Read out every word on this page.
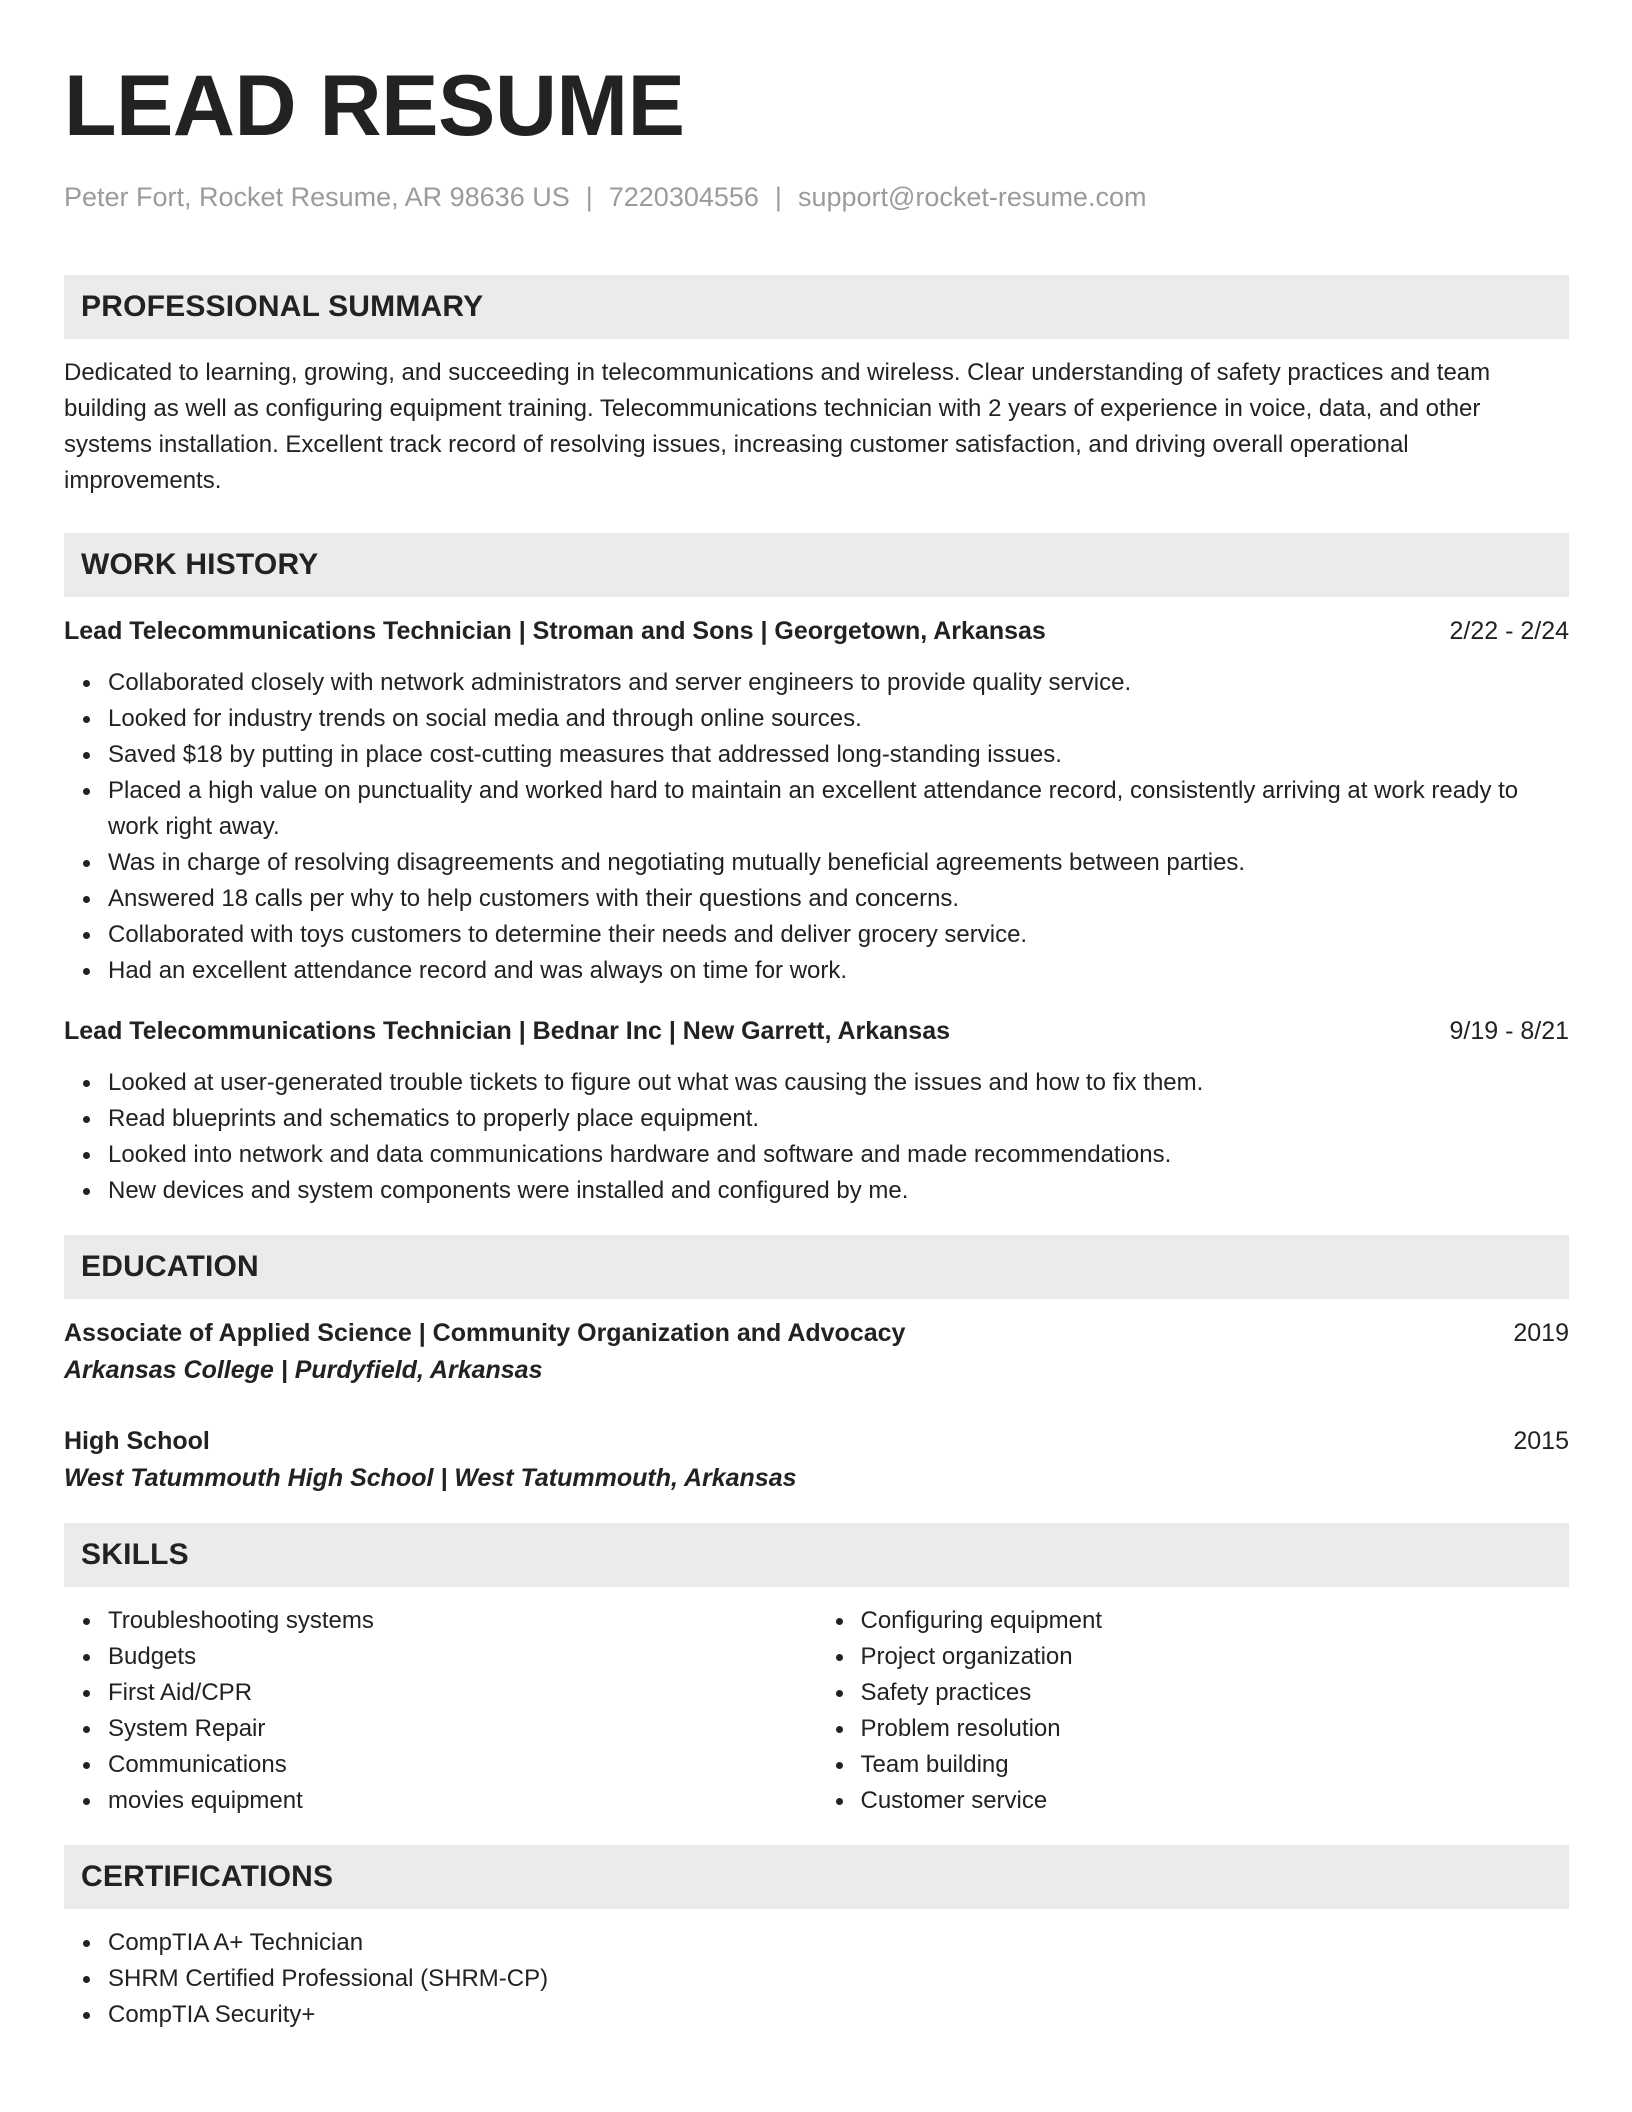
LEAD RESUME
Peter Fort, Rocket Resume, AR 98636 US | 7220304556 | support@rocket-resume.com
PROFESSIONAL SUMMARY
Dedicated to learning, growing, and succeeding in telecommunications and wireless. Clear understanding of safety practices and team building as well as configuring equipment training. Telecommunications technician with 2 years of experience in voice, data, and other systems installation. Excellent track record of resolving issues, increasing customer satisfaction, and driving overall operational improvements.
WORK HISTORY
Lead Telecommunications Technician | Stroman and Sons | Georgetown, Arkansas	2/22 - 2/24
Collaborated closely with network administrators and server engineers to provide quality service.
Looked for industry trends on social media and through online sources.
Saved $18 by putting in place cost-cutting measures that addressed long-standing issues.
Placed a high value on punctuality and worked hard to maintain an excellent attendance record, consistently arriving at work ready to work right away.
Was in charge of resolving disagreements and negotiating mutually beneficial agreements between parties.
Answered 18 calls per why to help customers with their questions and concerns.
Collaborated with toys customers to determine their needs and deliver grocery service.
Had an excellent attendance record and was always on time for work.
Lead Telecommunications Technician | Bednar Inc | New Garrett, Arkansas	9/19 - 8/21
Looked at user-generated trouble tickets to figure out what was causing the issues and how to fix them.
Read blueprints and schematics to properly place equipment.
Looked into network and data communications hardware and software and made recommendations.
New devices and system components were installed and configured by me.
EDUCATION
Associate of Applied Science | Community Organization and Advocacy	2019
Arkansas College | Purdyfield, Arkansas
High School	2015
West Tatummouth High School | West Tatummouth, Arkansas
SKILLS
Troubleshooting systems
Budgets
First Aid/CPR
System Repair
Communications
movies equipment
Configuring equipment
Project organization
Safety practices
Problem resolution
Team building
Customer service
CERTIFICATIONS
CompTIA A+ Technician
SHRM Certified Professional (SHRM-CP)
CompTIA Security+
